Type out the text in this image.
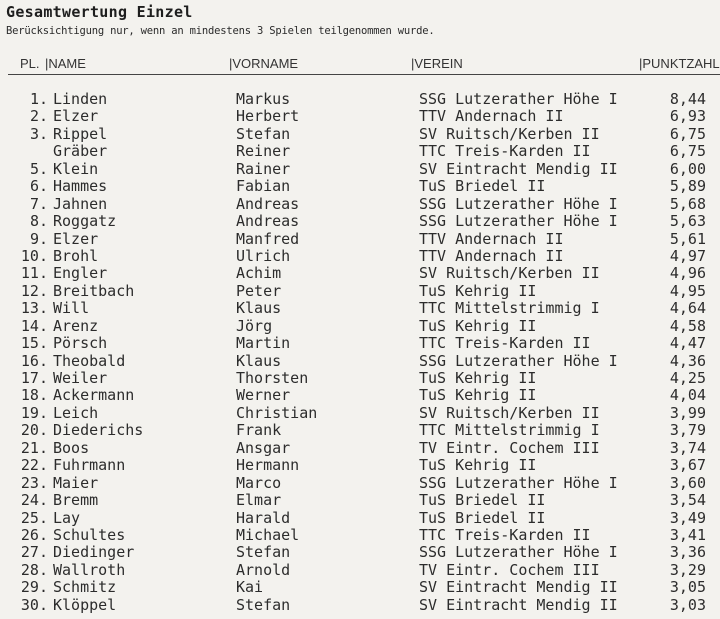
Gesamtwertung Einzel
Berücksichtigung nur, wenn an mindestens 3 Spielen teilgenommen wurde.
PL. |NAME	|VORNAME	|VEREIN	|PUNKTZAHL
1. Linden	Markus	SSG Lutzerather Höhe I	8,44
2. Elzer	Herbert	TTV Andernach II	6,93
3. Rippel	Stefan	SV Ruitsch/Kerben II	6,75
Gräber	Reiner	TTC Treis-Karden II	6,75
5. Klein	Rainer	SV Eintracht Mendig II	6,00
6. Hammes	Fabian	TuS Briedel II	5,89
7. Jahnen	Andreas	SSG Lutzerather Höhe I	5,68
8. Roggatz	Andreas	SSG Lutzerather Höhe I	5,63
9. Elzer	Manfred	TTV Andernach II	5,61
10. Brohl	Ulrich	TTV Andernach II	4,97
11. Engler	Achim	SV Ruitsch/Kerben II	4,96
12. Breitbach	Peter	TuS Kehrig II	4,95
13. Will	Klaus	TTC Mittelstrimmig I	4,64
14. Arenz	Jörg	TuS Kehrig II	4,58
15. Pörsch	Martin	TTC Treis-Karden II	4,47
16. Theobald	Klaus	SSG Lutzerather Höhe I	4,36
17. Weiler	Thorsten	TuS Kehrig II	4,25
18. Ackermann	Werner	TuS Kehrig II	4,04
19. Leich	Christian	SV Ruitsch/Kerben II	3,99
20. Diederichs	Frank	TTC Mittelstrimmig I	3,79
21. Boos	Ansgar	TV Eintr. Cochem III	3,74
22. Fuhrmann	Hermann	TuS Kehrig II	3,67
23. Maier	Marco	SSG Lutzerather Höhe I	3,60
24. Bremm	Elmar	TuS Briedel II	3,54
25. Lay	Harald	TuS Briedel II	3,49
26. Schultes	Michael	TTC Treis-Karden II	3,41
27. Diedinger	Stefan	SSG Lutzerather Höhe I	3,36
28. Wallroth	Arnold	TV Eintr. Cochem III	3,29
29. Schmitz	Kai	SV Eintracht Mendig II	3,05
30. Klöppel	Stefan	SV Eintracht Mendig II	3,03
